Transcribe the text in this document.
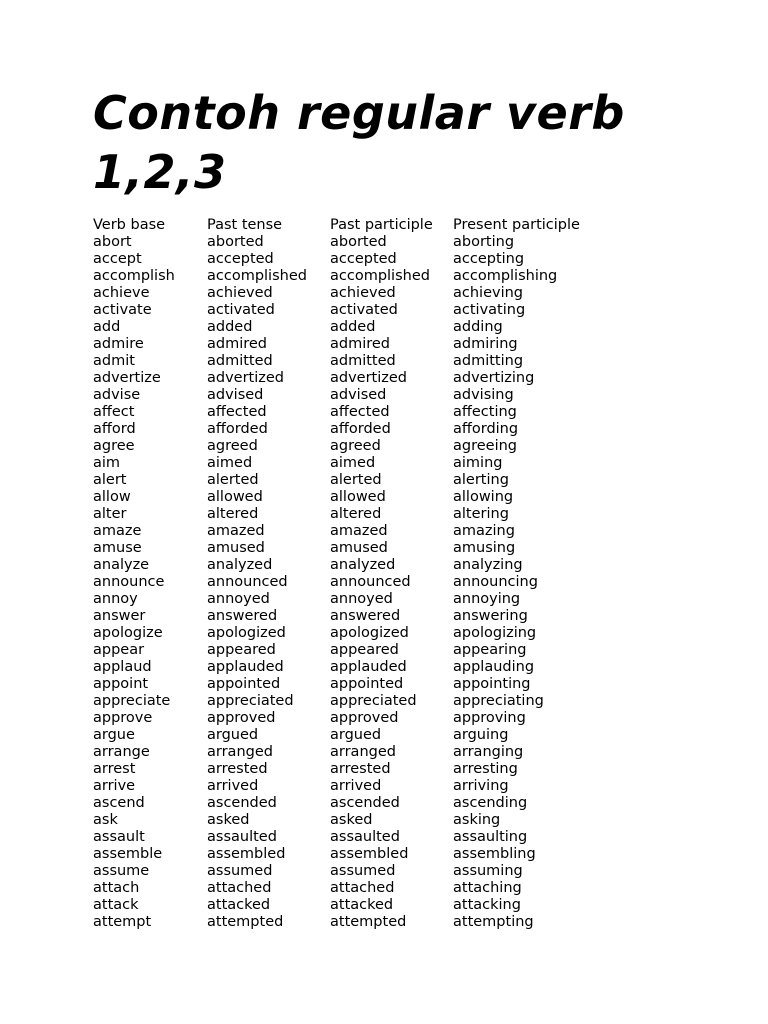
Contoh regular verb 1,2,3
Verb base	Past tense	Past participle	Present participle
abort	aborted	aborted	aborting
accept	accepted	accepted	accepting
accomplish	accomplished	accomplished	accomplishing
achieve	achieved	achieved	achieving
activate	activated	activated	activating
add	added	added	adding
admire	admired	admired	admiring
admit	admitted	admitted	admitting
advertize	advertized	advertized	advertizing
advise	advised	advised	advising
affect	affected	affected	affecting
afford	afforded	afforded	affording
agree	agreed	agreed	agreeing
aim	aimed	aimed	aiming
alert	alerted	alerted	alerting
allow	allowed	allowed	allowing
alter	altered	altered	altering
amaze	amazed	amazed	amazing
amuse	amused	amused	amusing
analyze	analyzed	analyzed	analyzing
announce	announced	announced	announcing
annoy	annoyed	annoyed	annoying
answer	answered	answered	answering
apologize	apologized	apologized	apologizing
appear	appeared	appeared	appearing
applaud	applauded	applauded	applauding
appoint	appointed	appointed	appointing
appreciate	appreciated	appreciated	appreciating
approve	approved	approved	approving
argue	argued	argued	arguing
arrange	arranged	arranged	arranging
arrest	arrested	arrested	arresting
arrive	arrived	arrived	arriving
ascend	ascended	ascended	ascending
ask	asked	asked	asking
assault	assaulted	assaulted	assaulting
assemble	assembled	assembled	assembling
assume	assumed	assumed	assuming
attach	attached	attached	attaching
attack	attacked	attacked	attacking
attempt	attempted	attempted	attempting
